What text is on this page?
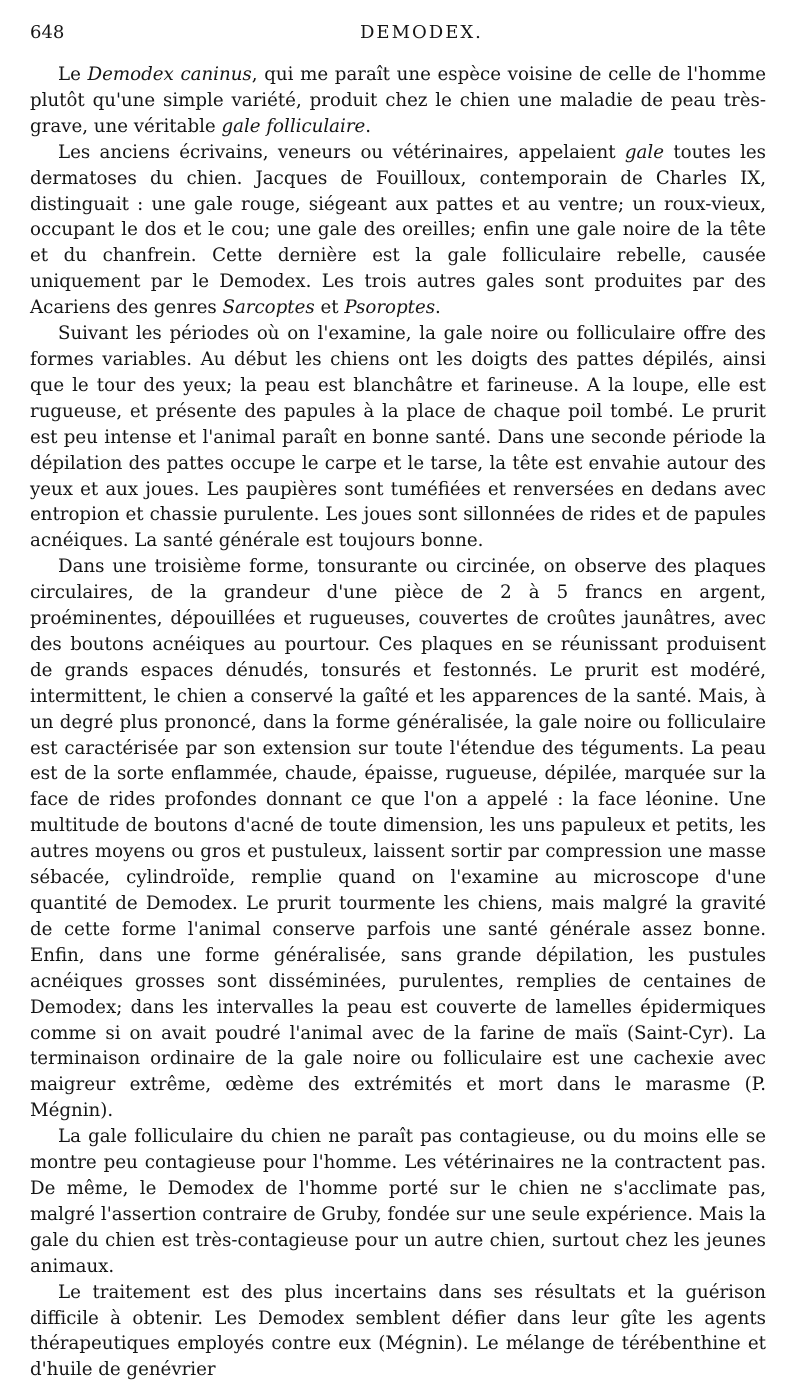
648	DEMODEX.

Le Demodex caninus, qui me paraît une espèce voisine de celle de l'homme plutôt qu'une simple variété, produit chez le chien une maladie de peau très-grave, une véritable gale folliculaire.

Les anciens écrivains, veneurs ou vétérinaires, appelaient gale toutes les dermatoses du chien. Jacques de Fouilloux, contemporain de Charles IX, distinguait : une gale rouge, siégeant aux pattes et au ventre; un roux-vieux, occupant le dos et le cou; une gale des oreilles; enfin une gale noire de la tête et du chanfrein. Cette dernière est la gale folliculaire rebelle, causée uniquement par le Demodex. Les trois autres gales sont produites par des Acariens des genres Sarcoptes et Psoroptes.

Suivant les périodes où on l'examine, la gale noire ou folliculaire offre des formes variables. Au début les chiens ont les doigts des pattes dépilés, ainsi que le tour des yeux; la peau est blanchâtre et farineuse. A la loupe, elle est rugueuse, et présente des papules à la place de chaque poil tombé. Le prurit est peu intense et l'animal paraît en bonne santé. Dans une seconde période la dépilation des pattes occupe le carpe et le tarse, la tête est envahie autour des yeux et aux joues. Les paupières sont tuméfiées et renversées en dedans avec entropion et chassie purulente. Les joues sont sillonnées de rides et de papules acnéiques. La santé générale est toujours bonne.

Dans une troisième forme, tonsurante ou circinée, on observe des plaques circulaires, de la grandeur d'une pièce de 2 à 5 francs en argent, proéminentes, dépouillées et rugueuses, couvertes de croûtes jaunâtres, avec des boutons acnéiques au pourtour. Ces plaques en se réunissant produisent de grands espaces dénudés, tonsurés et festonnés. Le prurit est modéré, intermittent, le chien a conservé la gaîté et les apparences de la santé. Mais, à un degré plus prononcé, dans la forme généralisée, la gale noire ou folliculaire est caractérisée par son extension sur toute l'étendue des téguments. La peau est de la sorte enflammée, chaude, épaisse, rugueuse, dépilée, marquée sur la face de rides profondes donnant ce que l'on a appelé : la face léonine. Une multitude de boutons d'acné de toute dimension, les uns papuleux et petits, les autres moyens ou gros et pustuleux, laissent sortir par compression une masse sébacée, cylindroïde, remplie quand on l'examine au microscope d'une quantité de Demodex. Le prurit tourmente les chiens, mais malgré la gravité de cette forme l'animal conserve parfois une santé générale assez bonne. Enfin, dans une forme généralisée, sans grande dépilation, les pustules acnéiques grosses sont disséminées, purulentes, remplies de centaines de Demodex; dans les intervalles la peau est couverte de lamelles épidermiques comme si on avait poudré l'animal avec de la farine de maïs (Saint-Cyr). La terminaison ordinaire de la gale noire ou folliculaire est une cachexie avec maigreur extrême, œdème des extrémités et mort dans le marasme (P. Mégnin).

La gale folliculaire du chien ne paraît pas contagieuse, ou du moins elle se montre peu contagieuse pour l'homme. Les vétérinaires ne la contractent pas. De même, le Demodex de l'homme porté sur le chien ne s'acclimate pas, malgré l'assertion contraire de Gruby, fondée sur une seule expérience. Mais la gale du chien est très-contagieuse pour un autre chien, surtout chez les jeunes animaux.

Le traitement est des plus incertains dans ses résultats et la guérison difficile à obtenir. Les Demodex semblent défier dans leur gîte les agents thérapeutiques employés contre eux (Mégnin). Le mélange de térébenthine et d'huile de genévrier
